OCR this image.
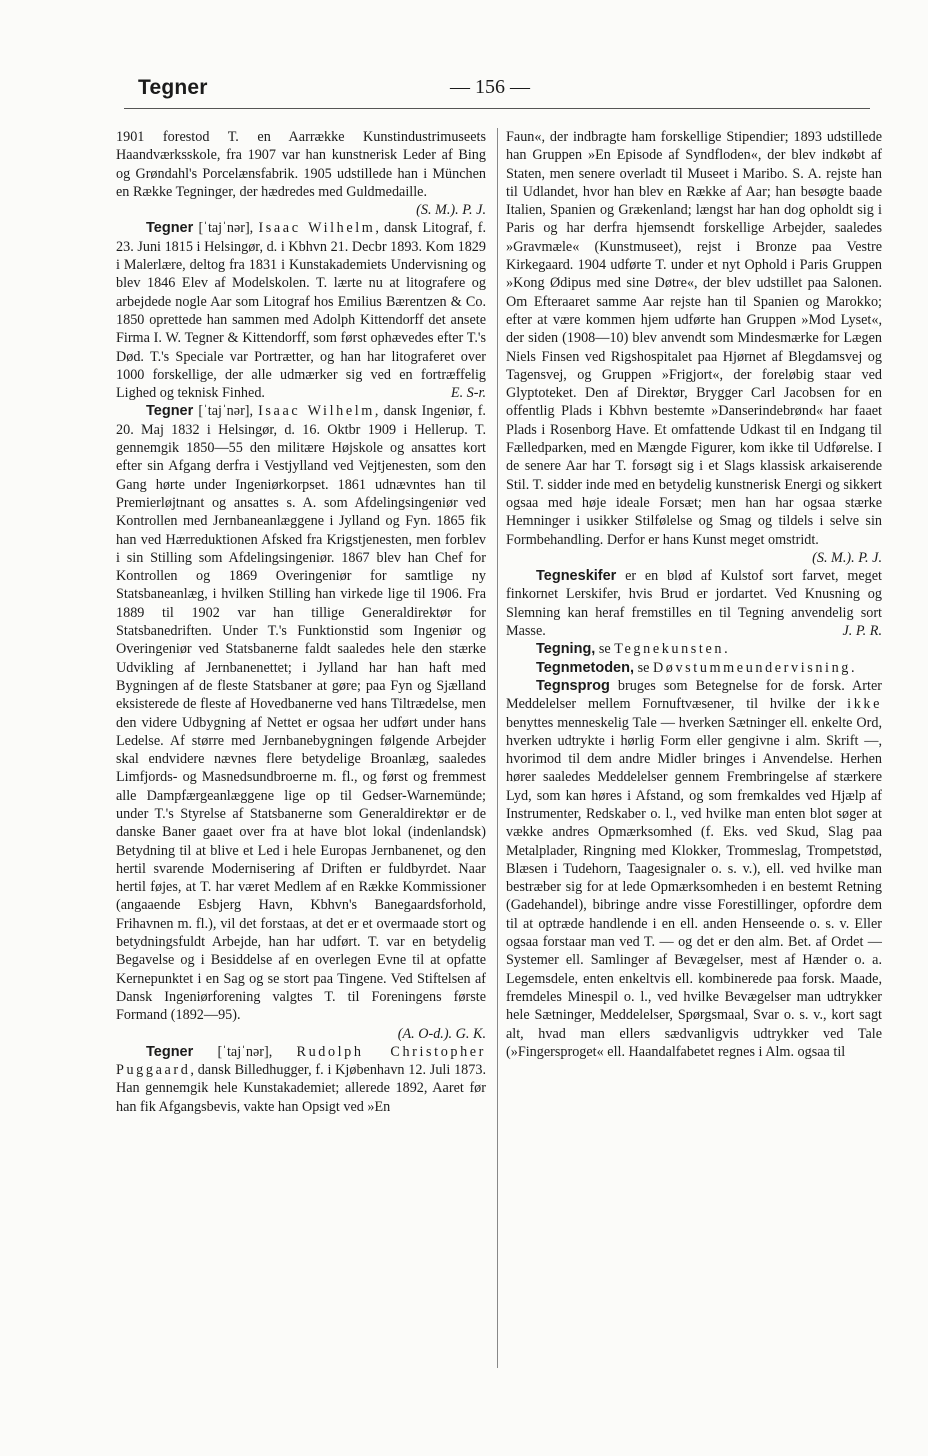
Tegner	— 156 —

1901 forestod T. en Aarrække Kunstindustrimuseets Haandværksskole, fra 1907 var han kunstnerisk Leder af Bing og Grøndahl's Porcelænsfabrik. 1905 udstillede han i München en Række Tegninger, der hædredes med Guldmedaille.
(S. M.). P. J.

Tegner [ˈtajˈnər], Isaac Wilhelm, dansk Litograf, f. 23. Juni 1815 i Helsingør, d. i Kbhvn 21. Decbr 1893. Kom 1829 i Malerlære, deltog fra 1831 i Kunstakademiets Undervisning og blev 1846 Elev af Modelskolen. T. lærte nu at litografere og arbejdede nogle Aar som Litograf hos Emilius Bærentzen & Co. 1850 oprettede han sammen med Adolph Kittendorff det ansete Firma I. W. Tegner & Kittendorff, som først ophævedes efter T.'s Død. T.'s Speciale var Portrætter, og han har litograferet over 1000 forskellige, der alle udmærker sig ved en fortræffelig Lighed og teknisk Finhed.	E. S-r.

Tegner [ˈtajˈnər], Isaac Wilhelm, dansk Ingeniør, f. 20. Maj 1832 i Helsingør, d. 16. Oktbr 1909 i Hellerup. T. gennemgik 1850—55 den militære Højskole og ansattes kort efter sin Afgang derfra i Vestjylland ved Vejtjenesten, som den Gang hørte under Ingeniørkorpset. 1861 udnævntes han til Premierløjtnant og ansattes s. A. som Afdelingsingeniør ved Kontrollen med Jernbaneanlæggene i Jylland og Fyn. 1865 fik han ved Hærreduktionen Afsked fra Krigstjenesten, men forblev i sin Stilling som Afdelingsingeniør. 1867 blev han Chef for Kontrollen og 1869 Overingeniør for samtlige ny Statsbaneanlæg, i hvilken Stilling han virkede lige til 1906. Fra 1889 til 1902 var han tillige Generaldirektør for Statsbanedriften. Under T.'s Funktionstid som Ingeniør og Overingeniør ved Statsbanerne faldt saaledes hele den stærke Udvikling af Jernbanenettet; i Jylland har han haft med Bygningen af de fleste Statsbaner at gøre; paa Fyn og Sjælland eksisterede de fleste af Hovedbanerne ved hans Tiltrædelse, men den videre Udbygning af Nettet er ogsaa her udført under hans Ledelse. Af større med Jernbanebygningen følgende Arbejder skal endvidere nævnes flere betydelige Broanlæg, saaledes Limfjords- og Masnedsundbroerne m. fl., og først og fremmest alle Dampfærgeanlæggene lige op til Gedser-Warnemünde; under T.'s Styrelse af Statsbanerne som Generaldirektør er de danske Baner gaaet over fra at have blot lokal (indenlandsk) Betydning til at blive et Led i hele Europas Jernbanenet, og den hertil svarende Modernisering af Driften er fuldbyrdet. Naar hertil føjes, at T. har været Medlem af en Række Kommissioner (angaaende Esbjerg Havn, Kbhvn's Banegaardsforhold, Frihavnen m. fl.), vil det forstaas, at det er et overmaade stort og betydningsfuldt Arbejde, han har udført. T. var en betydelig Begavelse og i Besiddelse af en overlegen Evne til at opfatte Kernepunktet i en Sag og se stort paa Tingene. Ved Stiftelsen af Dansk Ingeniørforening valgtes T. til Foreningens første Formand (1892—95).

(A. O-d.). G. K.

Tegner [ˈtajˈnər], Rudolph Christopher Puggaard, dansk Billedhugger, f. i Kjøbenhavn 12. Juli 1873. Han gennemgik hele Kunstakademiet; allerede 1892, Aaret før han fik Afgangsbevis, vakte han Opsigt ved »En

Faun«, der indbragte ham forskellige Stipendier; 1893 udstillede han Gruppen »En Episode af Syndfloden«, der blev indkøbt af Staten, men senere overladt til Museet i Maribo. S. A. rejste han til Udlandet, hvor han blev en Række af Aar; han besøgte baade Italien, Spanien og Grækenland; længst har han dog opholdt sig i Paris og har derfra hjemsendt forskellige Arbejder, saaledes »Gravmæle« (Kunstmuseet), rejst i Bronze paa Vestre Kirkegaard. 1904 udførte T. under et nyt Ophold i Paris Gruppen »Kong Ødipus med sine Døtre«, der blev udstillet paa Salonen. Om Efteraaret samme Aar rejste han til Spanien og Marokko; efter at være kommen hjem udførte han Gruppen »Mod Lyset«, der siden (1908—10) blev anvendt som Mindesmærke for Lægen Niels Finsen ved Rigshospitalet paa Hjørnet af Blegdamsvej og Tagensvej, og Gruppen »Frigjort«, der foreløbig staar ved Glyptoteket. Den af Direktør, Brygger Carl Jacobsen for en offentlig Plads i Kbhvn bestemte »Danserindebrønd« har faaet Plads i Rosenborg Have. Et omfattende Udkast til en Indgang til Fælledparken, med en Mængde Figurer, kom ikke til Udførelse. I de senere Aar har T. forsøgt sig i et Slags klassisk arkaiserende Stil. T. sidder inde med en betydelig kunstnerisk Energi og sikkert ogsaa med høje ideale Forsæt; men han har ogsaa stærke Hemninger i usikker Stilfølelse og Smag og tildels i selve sin Formbehandling. Derfor er hans Kunst meget omstridt.
(S. M.). P. J.

Tegneskifer er en blød af Kulstof sort farvet, meget finkornet Lerskifer, hvis Brud er jordartet. Ved Knusning og Slemning kan heraf fremstilles en til Tegning anvendelig sort Masse.	J. P. R.

Tegning, se Tegnekunsten.

Tegnmetoden, se Døvstummeundervisning.

Tegnsprog bruges som Betegnelse for de forsk. Arter Meddelelser mellem Fornuftvæsener, til hvilke der ikke benyttes menneskelig Tale — hverken Sætninger ell. enkelte Ord, hverken udtrykte i hørlig Form eller gengivne i alm. Skrift —, hvorimod til dem andre Midler bringes i Anvendelse. Herhen hører saaledes Meddelelser gennem Frembringelse af stærkere Lyd, som kan høres i Afstand, og som fremkaldes ved Hjælp af Instrumenter, Redskaber o. l., ved hvilke man enten blot søger at vække andres Opmærksomhed (f. Eks. ved Skud, Slag paa Metalplader, Ringning med Klokker, Trommeslag, Trompetstød, Blæsen i Tudehorn, Taagesignaler o. s. v.), ell. ved hvilke man bestræber sig for at lede Opmærksomheden i en bestemt Retning (Gadehandel), bibringe andre visse Forestillinger, opfordre dem til at optræde handlende i en ell. anden Henseende o. s. v. Eller ogsaa forstaar man ved T. — og det er den alm. Bet. af Ordet — Systemer ell. Samlinger af Bevægelser, mest af Hænder o. a. Legemsdele, enten enkeltvis ell. kombinerede paa forsk. Maade, fremdeles Minespil o. l., ved hvilke Bevægelser man udtrykker hele Sætninger, Meddelelser, Spørgsmaal, Svar o. s. v., kort sagt alt, hvad man ellers sædvanligvis udtrykker ved Tale (»Fingersproget« ell. Haandalfabetet regnes i Alm. ogsaa til
